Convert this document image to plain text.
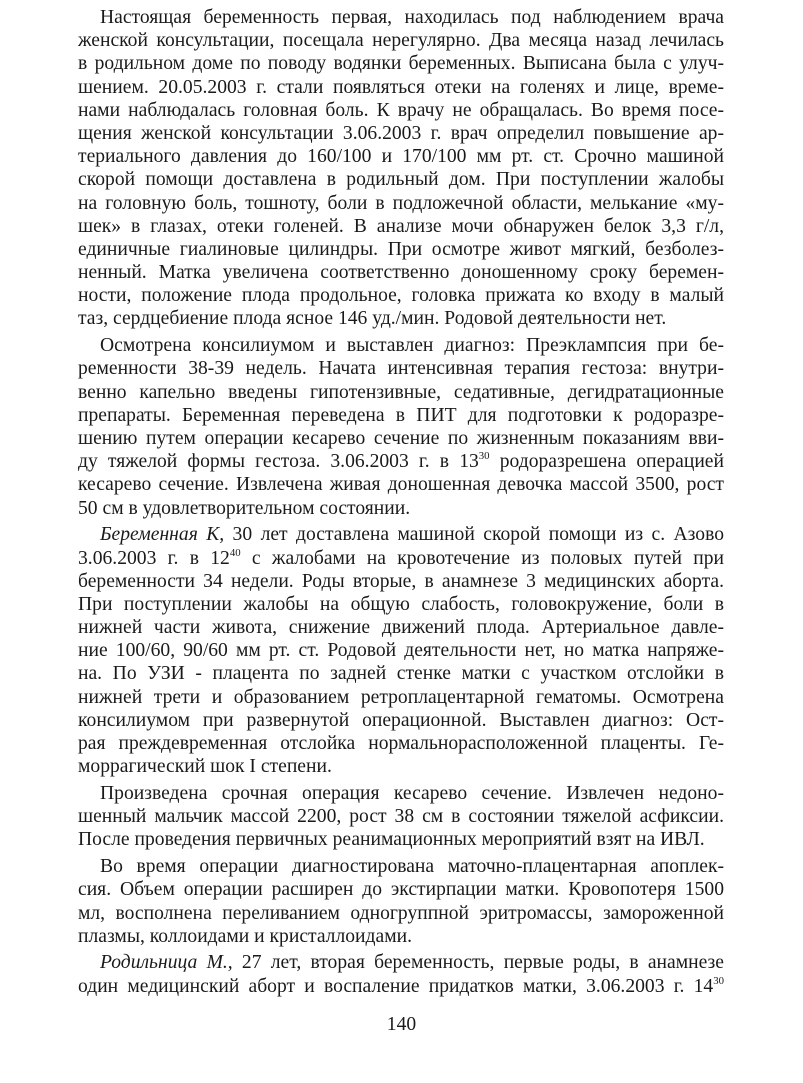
Настоящая беременность первая, находилась под наблюдением врача
женской консультации, посещала нерегулярно. Два месяца назад лечилась
в родильном доме по поводу водянки беременных. Выписана была с улуч-
шением. 20.05.2003 г. стали появляться отеки на голенях и лице, време-
нами наблюдалась головная боль. К врачу не обращалась. Во время посе-
щения женской консультации 3.06.2003 г. врач определил повышение ар-
териального давления до 160/100 и 170/100 мм рт. ст. Срочно машиной
скорой помощи доставлена в родильный дом. При поступлении жалобы
на головную боль, тошноту, боли в подложечной области, мелькание «му-
шек» в глазах, отеки голеней. В анализе мочи обнаружен белок 3,3 г/л,
единичные гиалиновые цилиндры. При осмотре живот мягкий, безболез-
ненный. Матка увеличена соответственно доношенному сроку беремен-
ности, положение плода продольное, головка прижата ко входу в малый
таз, сердцебиение плода ясное 146 уд./мин. Родовой деятельности нет.
Осмотрена консилиумом и выставлен диагноз: Преэклампсия при бе-
ременности 38-39 недель. Начата интенсивная терапия гестоза: внутри-
венно капельно введены гипотензивные, седативные, дегидратационные
препараты. Беременная переведена в ПИТ для подготовки к родоразре-
шению путем операции кесарево сечение по жизненным показаниям вви-
ду тяжелой формы гестоза. 3.06.2003 г. в $13^{30}$ родоразрешена операцией
кесарево сечение. Извлечена живая доношенная девочка массой 3500, рост
50 см в удовлетворительном состоянии.
Беременная К, 30 лет доставлена машиной скорой помощи из с. Азово
3.06.2003 г. в $12^{40}$ с жалобами на кровотечение из половых путей при
беременности 34 недели. Роды вторые, в анамнезе 3 медицинских аборта.
При поступлении жалобы на общую слабость, головокружение, боли в
нижней части живота, снижение движений плода. Артериальное давле-
ние 100/60, 90/60 мм рт. ст. Родовой деятельности нет, но матка напряже-
на. По УЗИ - плацента по задней стенке матки с участком отслойки в
нижней трети и образованием ретроплацентарной гематомы. Осмотрена
консилиумом при развернутой операционной. Выставлен диагноз: Ост-
рая преждевременная отслойка нормальнорасположенной плаценты. Ге-
моррагический шок I степени.
Произведена срочная операция кесарево сечение. Извлечен недоно-
шенный мальчик массой 2200, рост 38 см в состоянии тяжелой асфиксии.
После проведения первичных реанимационных мероприятий взят на ИВЛ.
Во время операции диагностирована маточно-плацентарная апоплек-
сия. Объем операции расширен до экстирпации матки. Кровопотеря 1500
мл, восполнена переливанием одногруппной эритромассы, замороженной
плазмы, коллоидами и кристаллоидами.
Родильница М., 27 лет, вторая беременность, первые роды, в анамнезе
один медицинский аборт и воспаление придатков матки, 3.06.2003 г. $14^{30}$
140
